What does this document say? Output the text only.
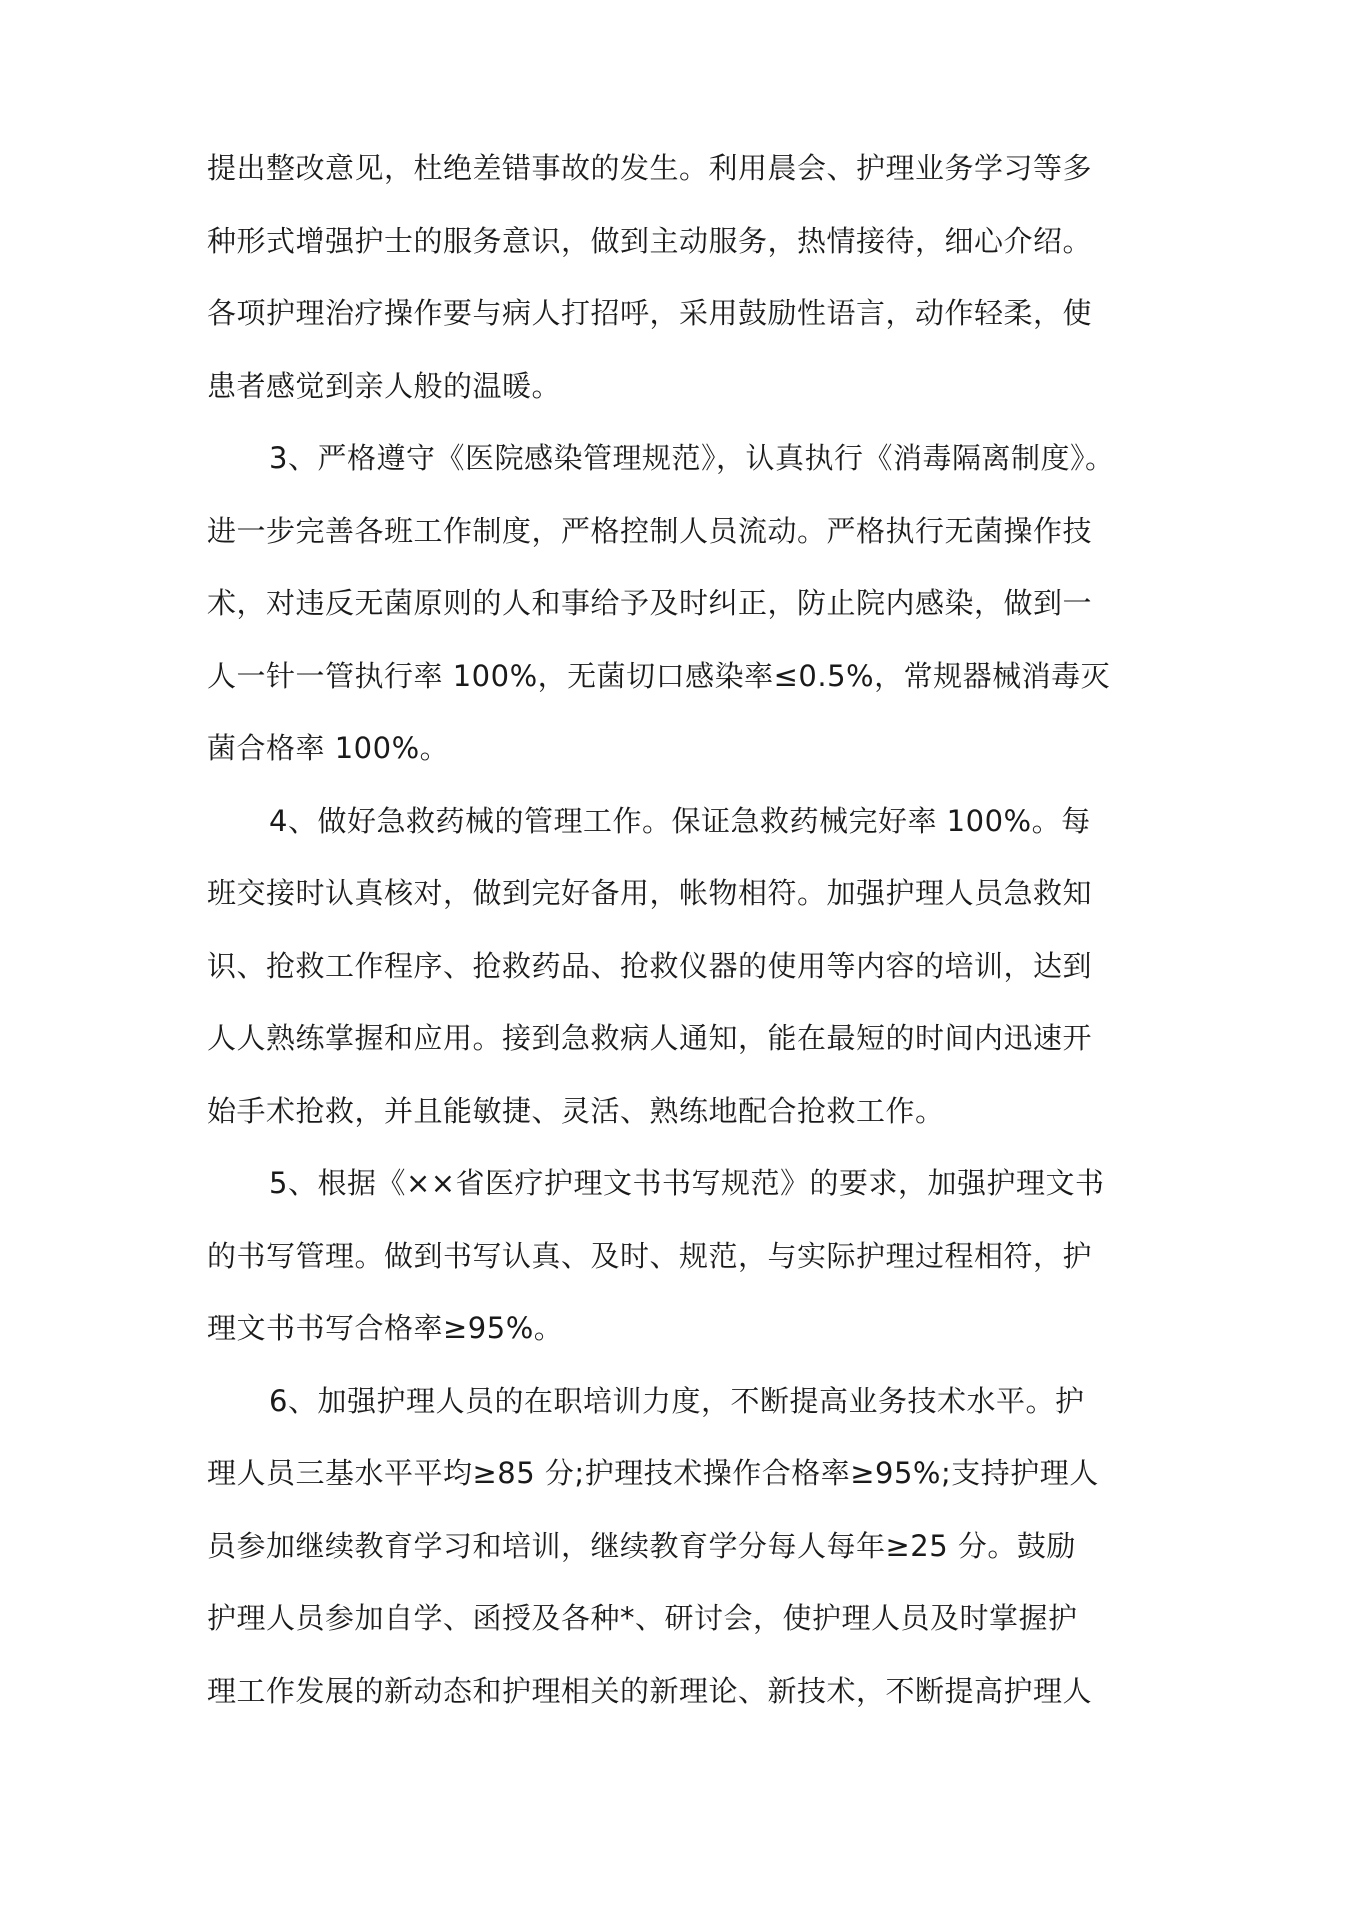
提出整改意见，杜绝差错事故的发生。利用晨会、护理业务学习等多
种形式增强护士的服务意识，做到主动服务，热情接待，细心介绍。
各项护理治疗操作要与病人打招呼，采用鼓励性语言，动作轻柔，使
患者感觉到亲人般的温暖。
3、严格遵守《医院感染管理规范》，认真执行《消毒隔离制度》。
进一步完善各班工作制度，严格控制人员流动。严格执行无菌操作技
术，对违反无菌原则的人和事给予及时纠正，防止院内感染，做到一
人一针一管执行率 100%，无菌切口感染率≤0.5%，常规器械消毒灭
菌合格率 100%。
4、做好急救药械的管理工作。保证急救药械完好率 100%。每
班交接时认真核对，做到完好备用，帐物相符。加强护理人员急救知
识、抢救工作程序、抢救药品、抢救仪器的使用等内容的培训，达到
人人熟练掌握和应用。接到急救病人通知，能在最短的时间内迅速开
始手术抢救，并且能敏捷、灵活、熟练地配合抢救工作。
5、根据《××省医疗护理文书书写规范》的要求，加强护理文书
的书写管理。做到书写认真、及时、规范，与实际护理过程相符，护
理文书书写合格率≥95%。
6、加强护理人员的在职培训力度，不断提高业务技术水平。护
理人员三基水平平均≥85 分;护理技术操作合格率≥95%;支持护理人
员参加继续教育学习和培训，继续教育学分每人每年≥25 分。鼓励
护理人员参加自学、函授及各种*、研讨会，使护理人员及时掌握护
理工作发展的新动态和护理相关的新理论、新技术，不断提高护理人
